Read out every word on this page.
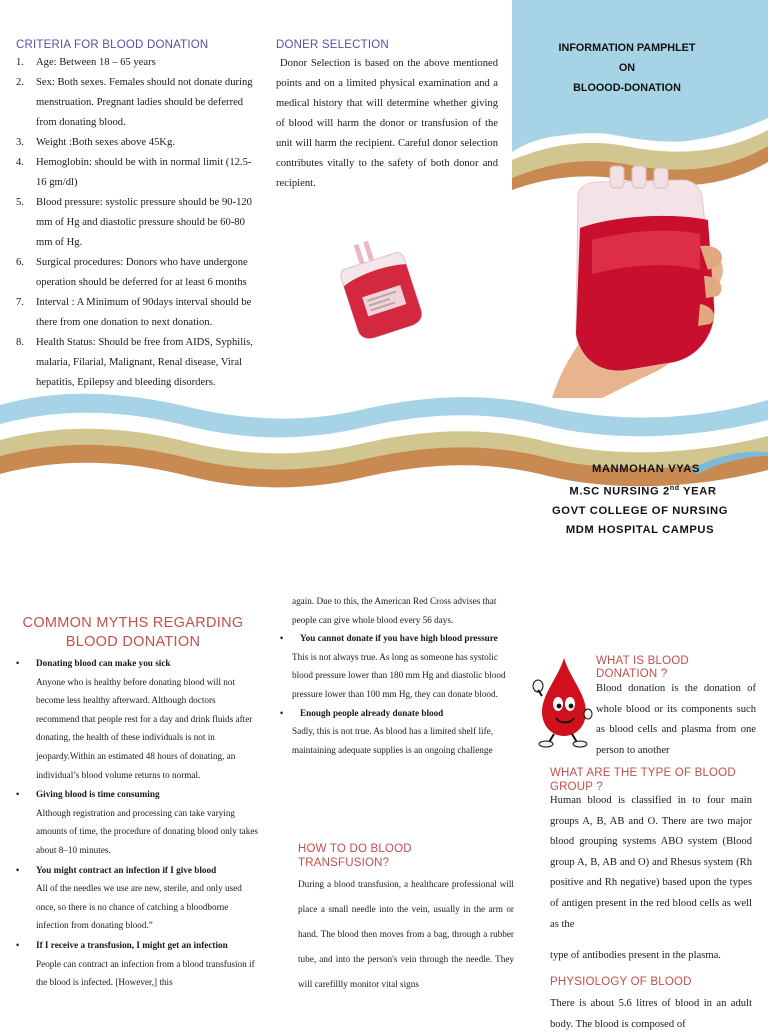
CRITERIA FOR BLOOD DONATION
1. Age: Between 18 – 65 years
2. Sex: Both sexes. Females should not donate during menstruation. Pregnant ladies should be deferred from donating blood.
3. Weight :Both sexes above 45Kg.
4. Hemoglobin: should be with in normal limit (12.5-16 gm/dl)
5. Blood pressure: systolic pressure should be 90-120 mm of Hg and diastolic pressure should be 60-80 mm of Hg.
6. Surgical procedures: Donors who have undergone operation should be deferred for at least 6 months
7. Interval : A Minimum of 90days interval should be there from one donation to next donation.
8. Health Status: Should be free from AIDS, Syphilis, malaria, Filarial, Malignant, Renal disease, Viral hepatitis, Epilepsy and bleeding disorders.
DONER SELECTION

Donor Selection is based on the above mentioned points and on a limited physical examination and a medical history that will determine whether giving of blood will harm the donor or transfusion of the unit will harm the recipient. Careful donor selection contributes vitally to the safety of both donor and recipient.

INFORMATION PAMPHLET
ON
BLOOOD-DONATION
MANMOHAN VYAS
M.SC NURSING 2nd YEAR
GOVT COLLEGE OF NURSING
MDM HOSPITAL CAMPUS
COMMON MYTHS REGARDING
BLOOD DONATION
• Donating blood can make you sick
Anyone who is healthy before donating blood will not become less healthy afterward. Although doctors recommend that people rest for a day and drink fluids after donating, the health of these individuals is not in jeopardy.Within an estimated 48 hours of donating, an individual’s blood volume returns to normal.
• Giving blood is time consuming
Although registration and processing can take varying amounts of time, the procedure of donating blood only takes about 8–10 minutes.
• You might contract an infection if I give blood
All of the needles we use are new, sterile, and only used once, so there is no chance of catching a bloodborne infection from donating blood.”
• If I receive a transfusion, I might get an infection
People can contract an infection from a blood transfusion if the blood is infected. [However,] this
again. Due to this, the American Red Cross advises that people can give whole blood every 56 days.
• You cannot donate if you have high blood pressure
This is not always true. As long as someone has systolic blood pressure lower than 180 mm Hg and diastolic blood pressure lower than 100 mm Hg, they can donate blood.
• Enough people already donate blood
Sadly, this is not true. As blood has a limited shelf life, maintaining adequate supplies is an ongoing challenge
HOW TO DO BLOOD
TRANSFUSION?

During a blood transfusion, a healthcare professional will place a small needle into the vein, usually in the arm or hand. The blood then moves from a bag, through a rubber tube, and into the person's vein through the needle. They will carefillly monitor vital signs

WHAT IS BLOOD
DONATION ?

Blood donation is the donation of whole blood or its components such as blood cells and plasma from one person to another

WHAT ARE THE TYPE OF BLOOD
GROUP ?

Human blood is classified in to four main groups A, B, AB and O. There are two major blood grouping systems ABO system (Blood group A, B, AB and O) and Rhesus system (Rh positive and Rh negative) based upon the types of antigen present in the red blood cells as well as the

type of antibodies present in the plasma.

PHYSIOLOGY OF BLOOD

There is about 5.6 litres of blood in an adult body. The blood is composed of
